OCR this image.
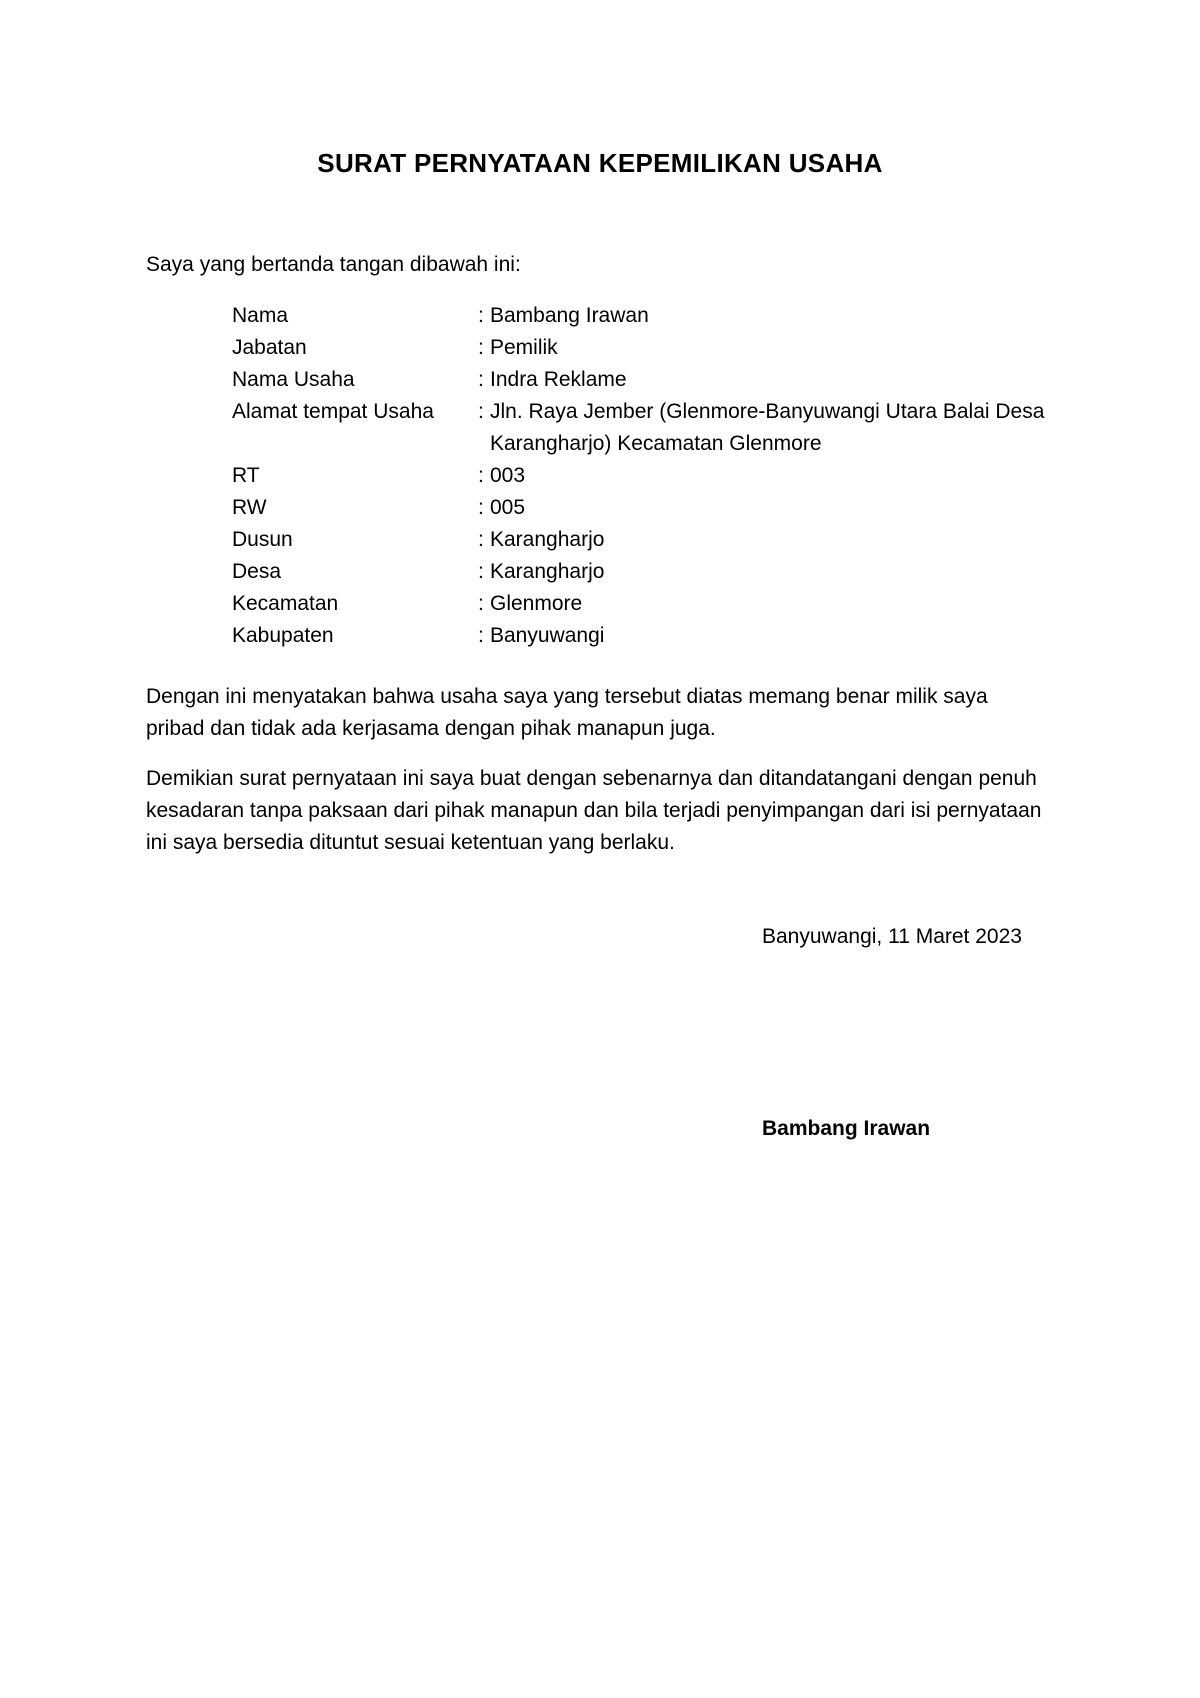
SURAT PERNYATAAN KEPEMILIKAN USAHA
Saya yang bertanda tangan dibawah ini:
Nama	: Bambang Irawan
Jabatan	: Pemilik
Nama Usaha	: Indra Reklame
Alamat tempat Usaha	: Jln. Raya Jember (Glenmore-Banyuwangi Utara Balai Desa Karangharjo) Kecamatan Glenmore
RT	: 003
RW	: 005
Dusun	: Karangharjo
Desa	: Karangharjo
Kecamatan	: Glenmore
Kabupaten	: Banyuwangi
Dengan ini menyatakan bahwa usaha saya yang tersebut diatas memang benar milik saya pribad dan tidak ada kerjasama dengan pihak manapun juga.
Demikian surat pernyataan ini saya buat dengan sebenarnya dan ditandatangani dengan penuh kesadaran tanpa paksaan dari pihak manapun dan bila terjadi penyimpangan dari isi pernyataan ini saya bersedia dituntut sesuai ketentuan yang berlaku.
Banyuwangi, 11 Maret 2023
Bambang Irawan
